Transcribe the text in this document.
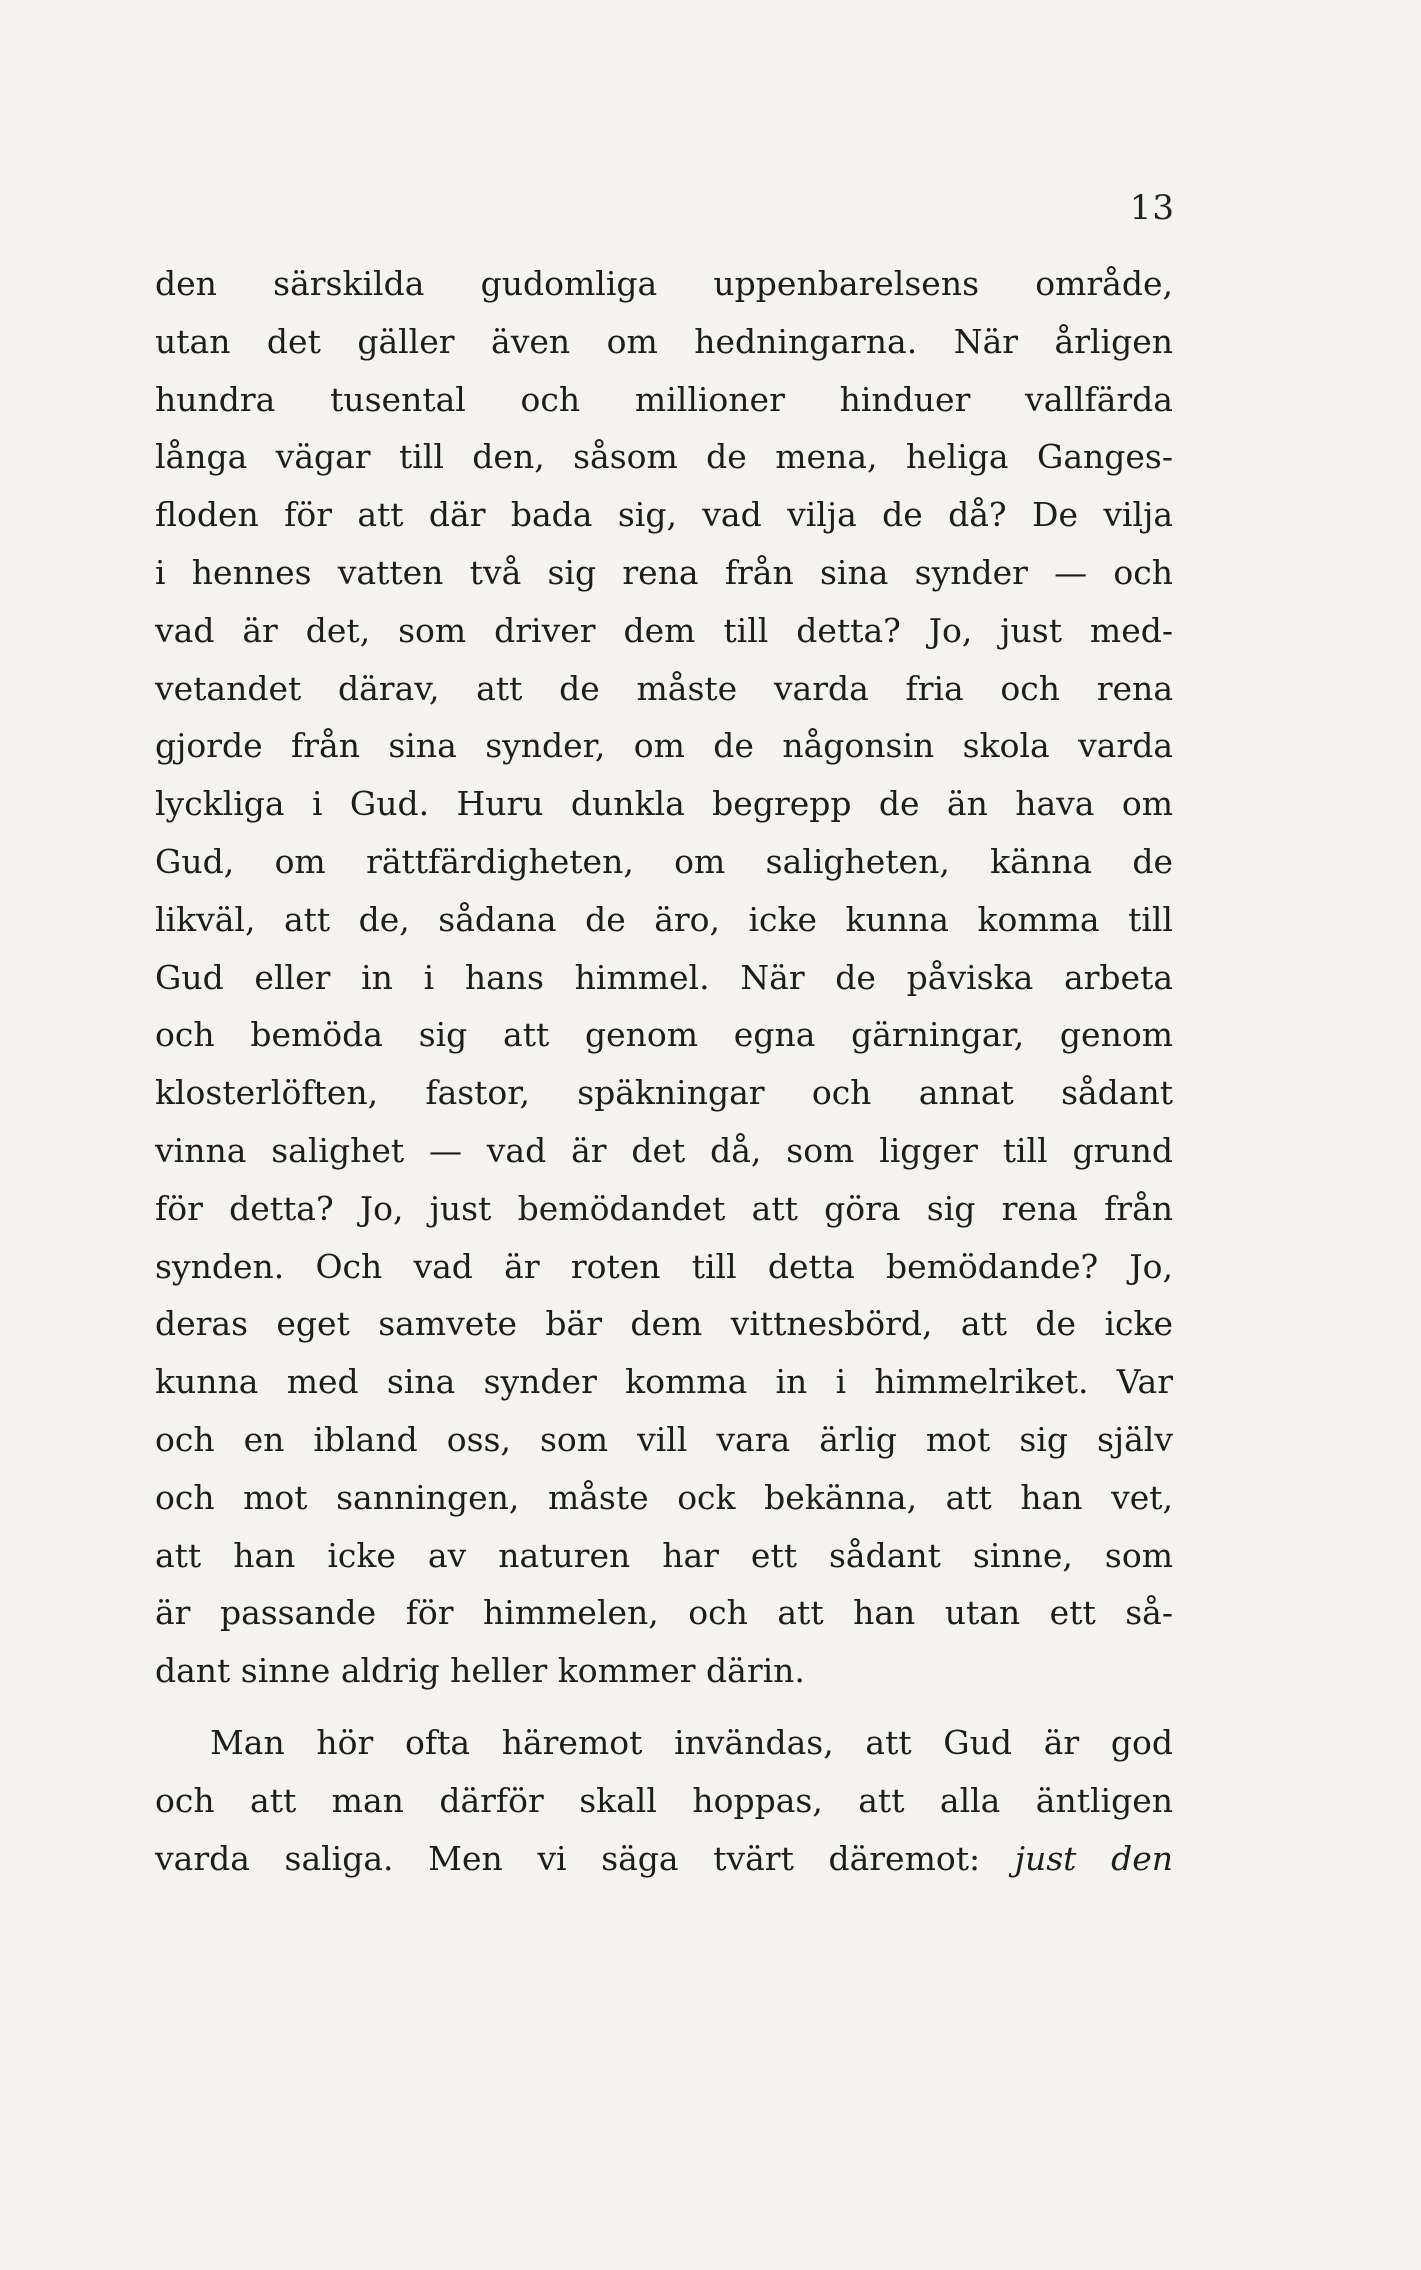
13
den särskilda gudomliga uppenbarelsens område,
utan det gäller även om hedningarna. När årligen
hundra tusental och millioner hinduer vallfärda
långa vägar till den, såsom de mena, heliga Ganges-
floden för att där bada sig, vad vilja de då? De vilja
i hennes vatten två sig rena från sina synder — och
vad är det, som driver dem till detta? Jo, just med-
vetandet därav, att de måste varda fria och rena
gjorde från sina synder, om de någonsin skola varda
lyckliga i Gud. Huru dunkla begrepp de än hava om
Gud, om rättfärdigheten, om saligheten, känna de
likväl, att de, sådana de äro, icke kunna komma till
Gud eller in i hans himmel. När de påviska arbeta
och bemöda sig att genom egna gärningar, genom
klosterlöften, fastor, späkningar och annat sådant
vinna salighet — vad är det då, som ligger till grund
för detta? Jo, just bemödandet att göra sig rena från
synden. Och vad är roten till detta bemödande? Jo,
deras eget samvete bär dem vittnesbörd, att de icke
kunna med sina synder komma in i himmelriket. Var
och en ibland oss, som vill vara ärlig mot sig själv
och mot sanningen, måste ock bekänna, att han vet,
att han icke av naturen har ett sådant sinne, som
är passande för himmelen, och att han utan ett så-
dant sinne aldrig heller kommer därin.
Man hör ofta häremot invändas, att Gud är god
och att man därför skall hoppas, att alla äntligen
varda saliga. Men vi säga tvärt däremot: just den
